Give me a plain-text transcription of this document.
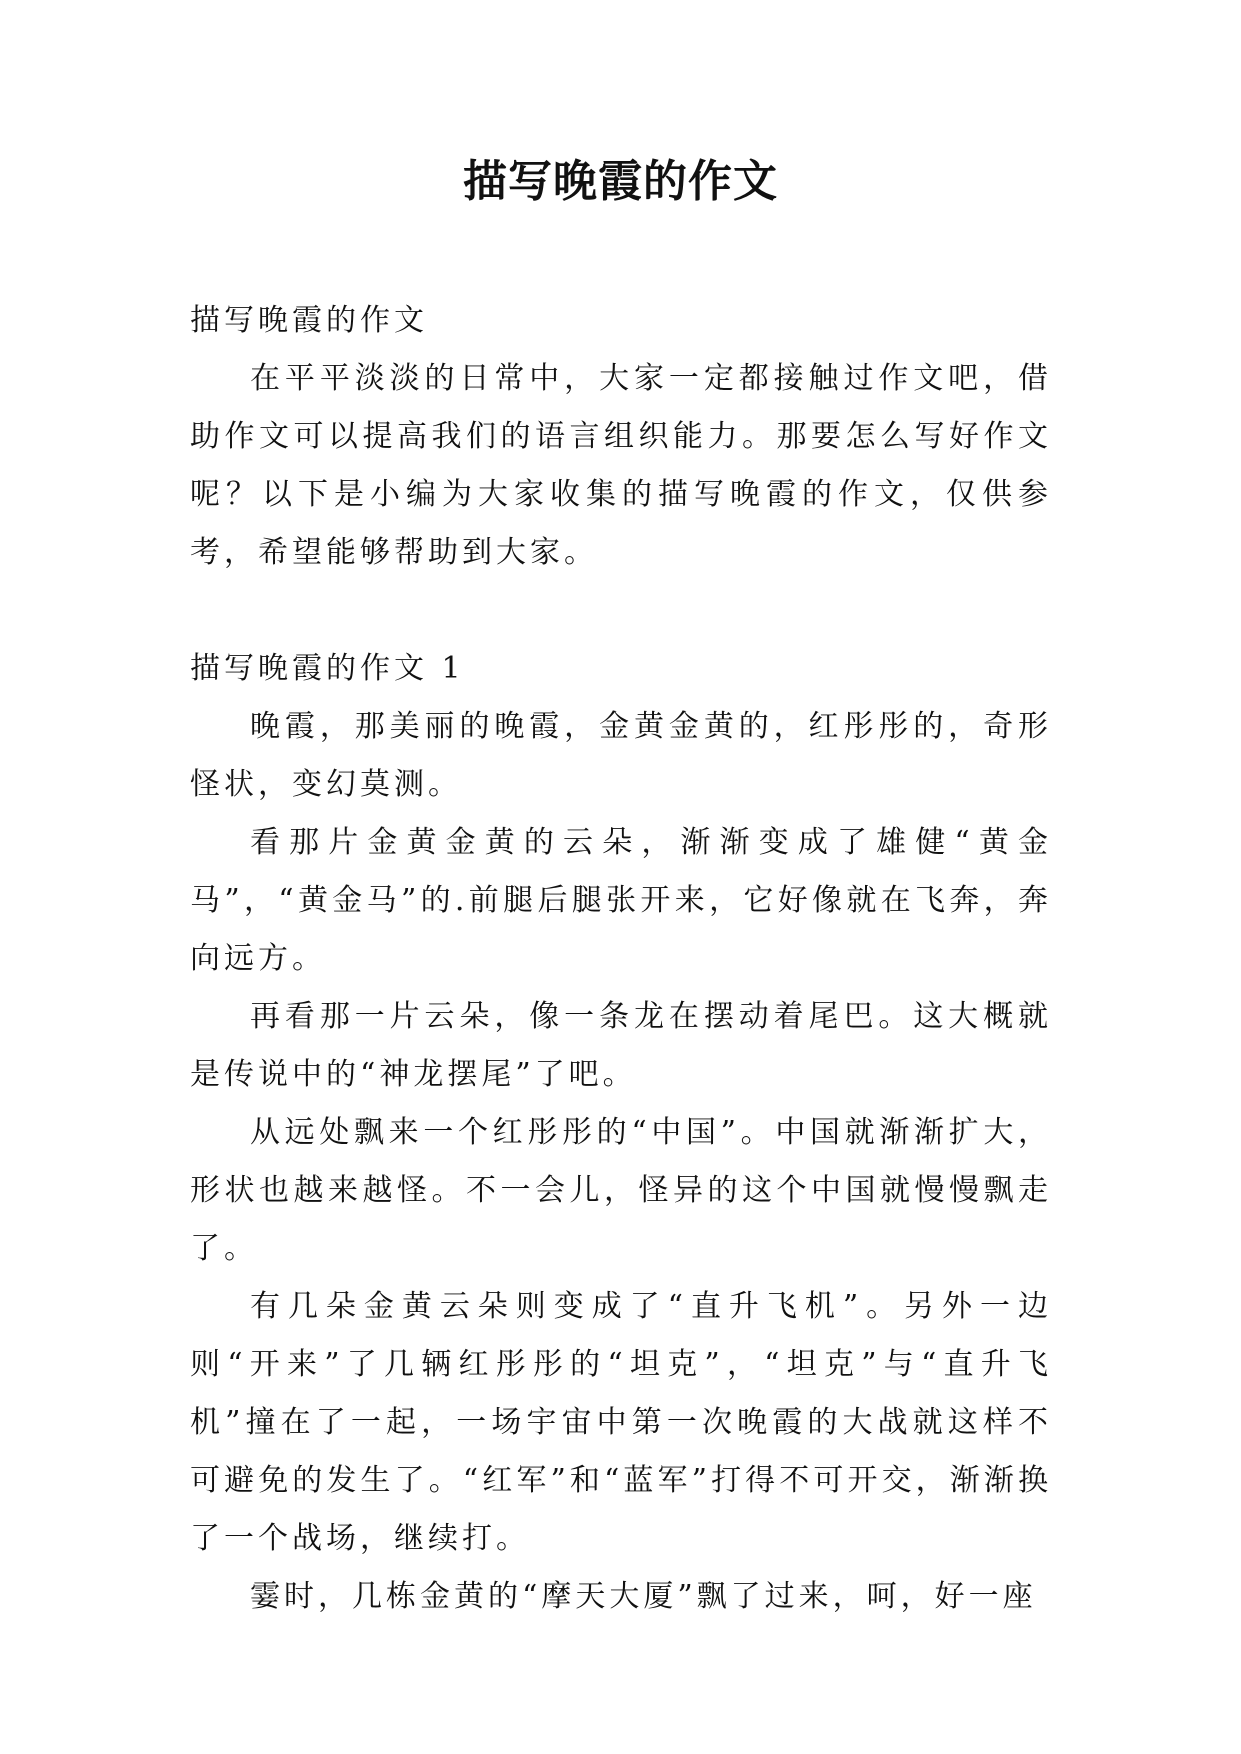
描写晚霞的作文

描写晚霞的作文

在平平淡淡的日常中，大家一定都接触过作文吧，借助作文可以提高我们的语言组织能力。那要怎么写好作文呢？以下是小编为大家收集的描写晚霞的作文，仅供参考，希望能够帮助到大家。

描写晚霞的作文 1

晚霞，那美丽的晚霞，金黄金黄的，红彤彤的，奇形怪状，变幻莫测。

看那片金黄金黄的云朵，渐渐变成了雄健“黄金马”，“黄金马”的.前腿后腿张开来，它好像就在飞奔，奔向远方。

再看那一片云朵，像一条龙在摆动着尾巴。这大概就是传说中的“神龙摆尾”了吧。

从远处飘来一个红彤彤的“中国”。中国就渐渐扩大，形状也越来越怪。不一会儿，怪异的这个中国就慢慢飘走了。

有几朵金黄云朵则变成了“直升飞机”。另外一边则“开来”了几辆红彤彤的“坦克”，“坦克”与“直升飞机”撞在了一起，一场宇宙中第一次晚霞的大战就这样不可避免的发生了。“红军”和“蓝军”打得不可开交，渐渐换了一个战场，继续打。

霎时，几栋金黄的“摩天大厦”飘了过来，呵，好一座
